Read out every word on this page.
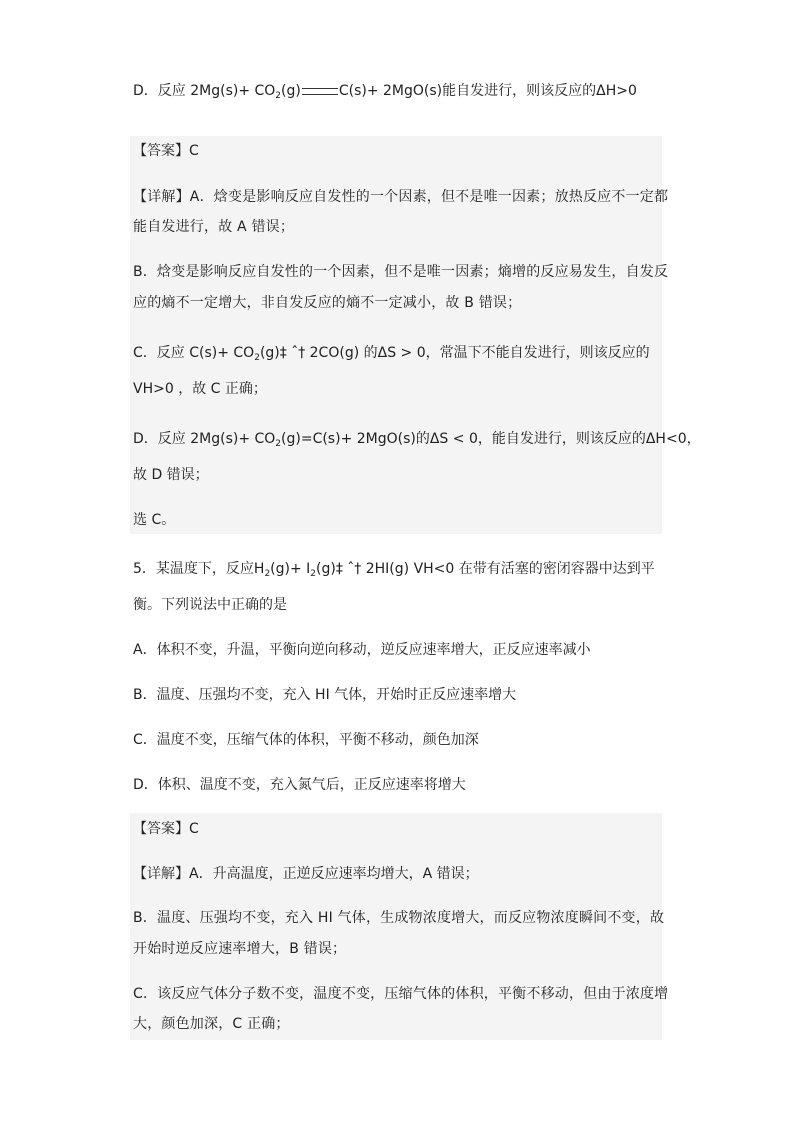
D．反应 $2Mg(s)+ CO_2(g)$	C(s)+ 2MgO(s)能自发进行，则该反应的ΔH>0
【答案】C
【详解】A．焓变是影响反应自发性的一个因素，但不是唯一因素；放热反应不一定都
能自发进行，故 A 错误；
B．焓变是影响反应自发性的一个因素，但不是唯一因素；熵增的反应易发生，自发反
应的熵不一定增大，非自发反应的熵不一定减小，故 B 错误；
C．反应 $C(s)+ CO_2(g)\ddagger$ ˆ† 2CO(g) 的ΔS > 0，常温下不能自发进行，则该反应的
VH>0 ，故 C 正确；
D．反应 $2Mg(s)+ CO_2(g)=C(s)+ 2MgO(s)$的ΔS < 0，能自发进行，则该反应的ΔH<0，
故 D 错误；
选 C。
5．某温度下，反应$H_2(g)+$ $I_2(g)\ddagger$ ˆ† 2HI(g) VH<0 在带有活塞的密闭容器中达到平
衡。下列说法中正确的是
A．体积不变，升温，平衡向逆向移动，逆反应速率增大，正反应速率减小
B．温度、压强均不变，充入 HI 气体，开始时正反应速率增大
C．温度不变，压缩气体的体积，平衡不移动，颜色加深
D．体积、温度不变，充入氮气后，正反应速率将增大
【答案】C
【详解】A．升高温度，正逆反应速率均增大，A 错误；
B．温度、压强均不变，充入 HI 气体，生成物浓度增大，而反应物浓度瞬间不变，故
开始时逆反应速率增大，B 错误；
C．该反应气体分子数不变，温度不变，压缩气体的体积，平衡不移动，但由于浓度增
大，颜色加深，C 正确；
